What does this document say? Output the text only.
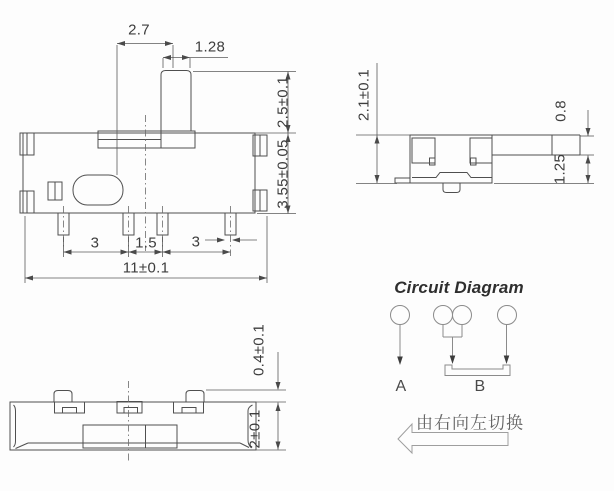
2.7
1.28
2.5±0.1
3.55±0.05
3 1.5 3
11±0.1
2.1±0.1	0.8
1.25
0.4±0.1
2±0.1
Circuit Diagram
A	B
由右向左切换
